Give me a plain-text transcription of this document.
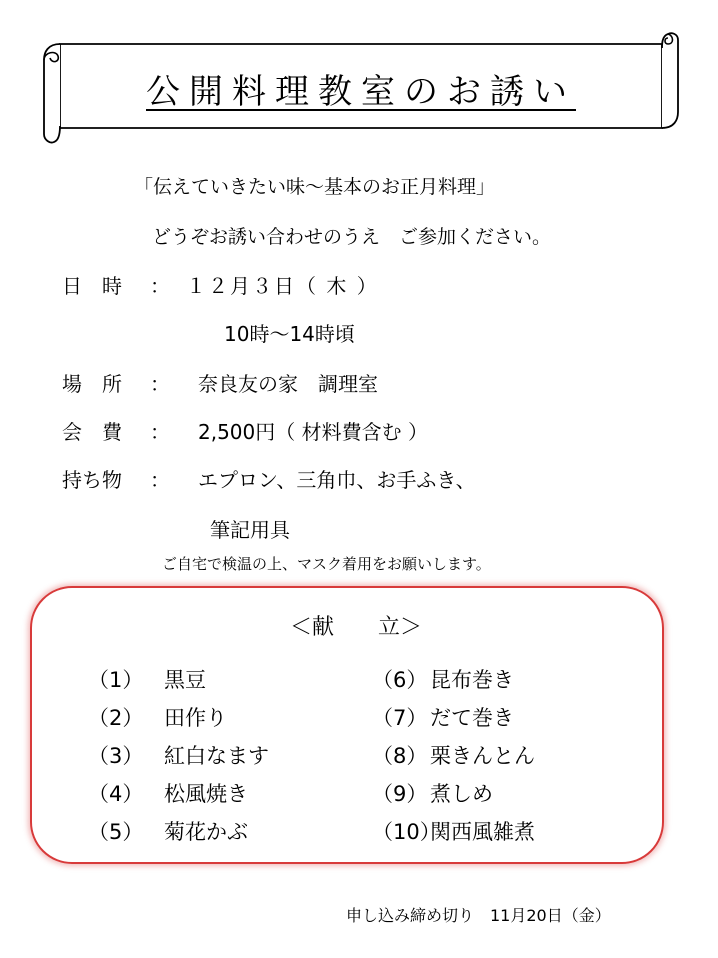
公開料理教室のお誘い
「伝えていきたい味〜基本のお正月料理」
どうぞお誘い合わせのうえ　ご参加ください。
日　時 ： １２月３日（ 木 ）
10時〜14時頃
場　所 ： 奈良友の家　調理室
会　費 ： 2,500円（ 材料費含む ）
持ち物 ： エプロン、三角巾、お手ふき、
筆記用具
ご自宅で検温の上、マスク着用をお願いします。
＜献　　立＞
（1） 黒豆
（2） 田作り
（3） 紅白なます
（4） 松風焼き
（5） 菊花かぶ
（6） 昆布巻き
（7） だて巻き
（8） 栗きんとん
（9） 煮しめ
（10）関西風雑煮
申し込み締め切り　11月20日（金）
